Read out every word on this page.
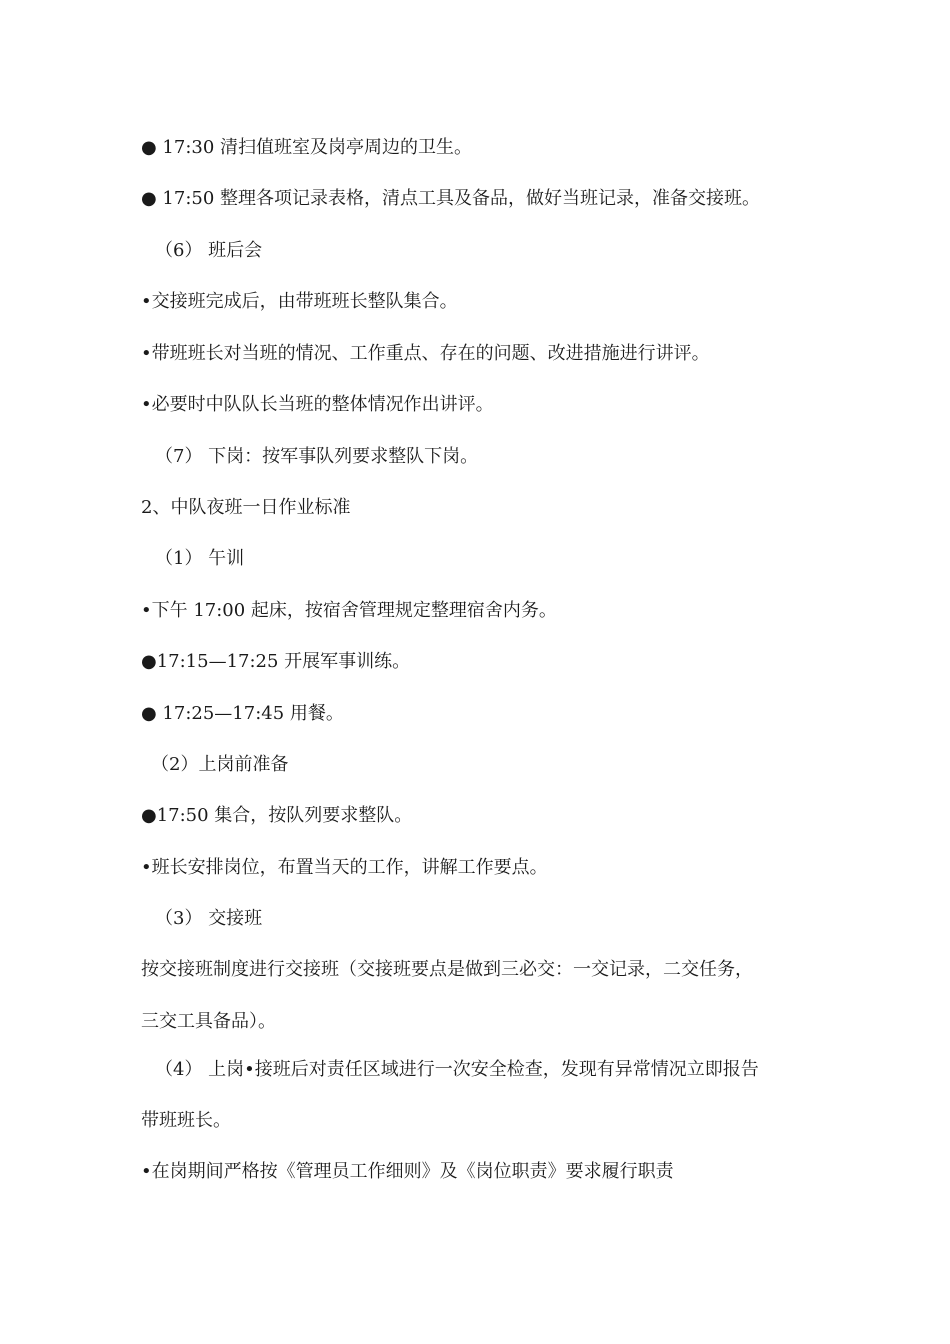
● 17:30 清扫值班室及岗亭周边的卫生。
● 17:50 整理各项记录表格，清点工具及备品，做好当班记录，准备交接班。
（6） 班后会
•交接班完成后，由带班班长整队集合。
•带班班长对当班的情况、工作重点、存在的问题、改进措施进行讲评。
•必要时中队队长当班的整体情况作出讲评。
（7） 下岗：按军事队列要求整队下岗。
2、中队夜班一日作业标准
（1） 午训
•下午 17:00 起床，按宿舍管理规定整理宿舍内务。
●17:15—17:25 开展军事训练。
● 17:25—17:45 用餐。
（2）上岗前准备
●17:50 集合，按队列要求整队。
•班长安排岗位，布置当天的工作，讲解工作要点。
（3） 交接班
按交接班制度进行交接班（交接班要点是做到三必交：一交记录，二交任务，
三交工具备品）。
（4） 上岗•接班后对责任区域进行一次安全检查，发现有异常情况立即报告
带班班长。
•在岗期间严格按《管理员工作细则》及《岗位职责》要求履行职责
